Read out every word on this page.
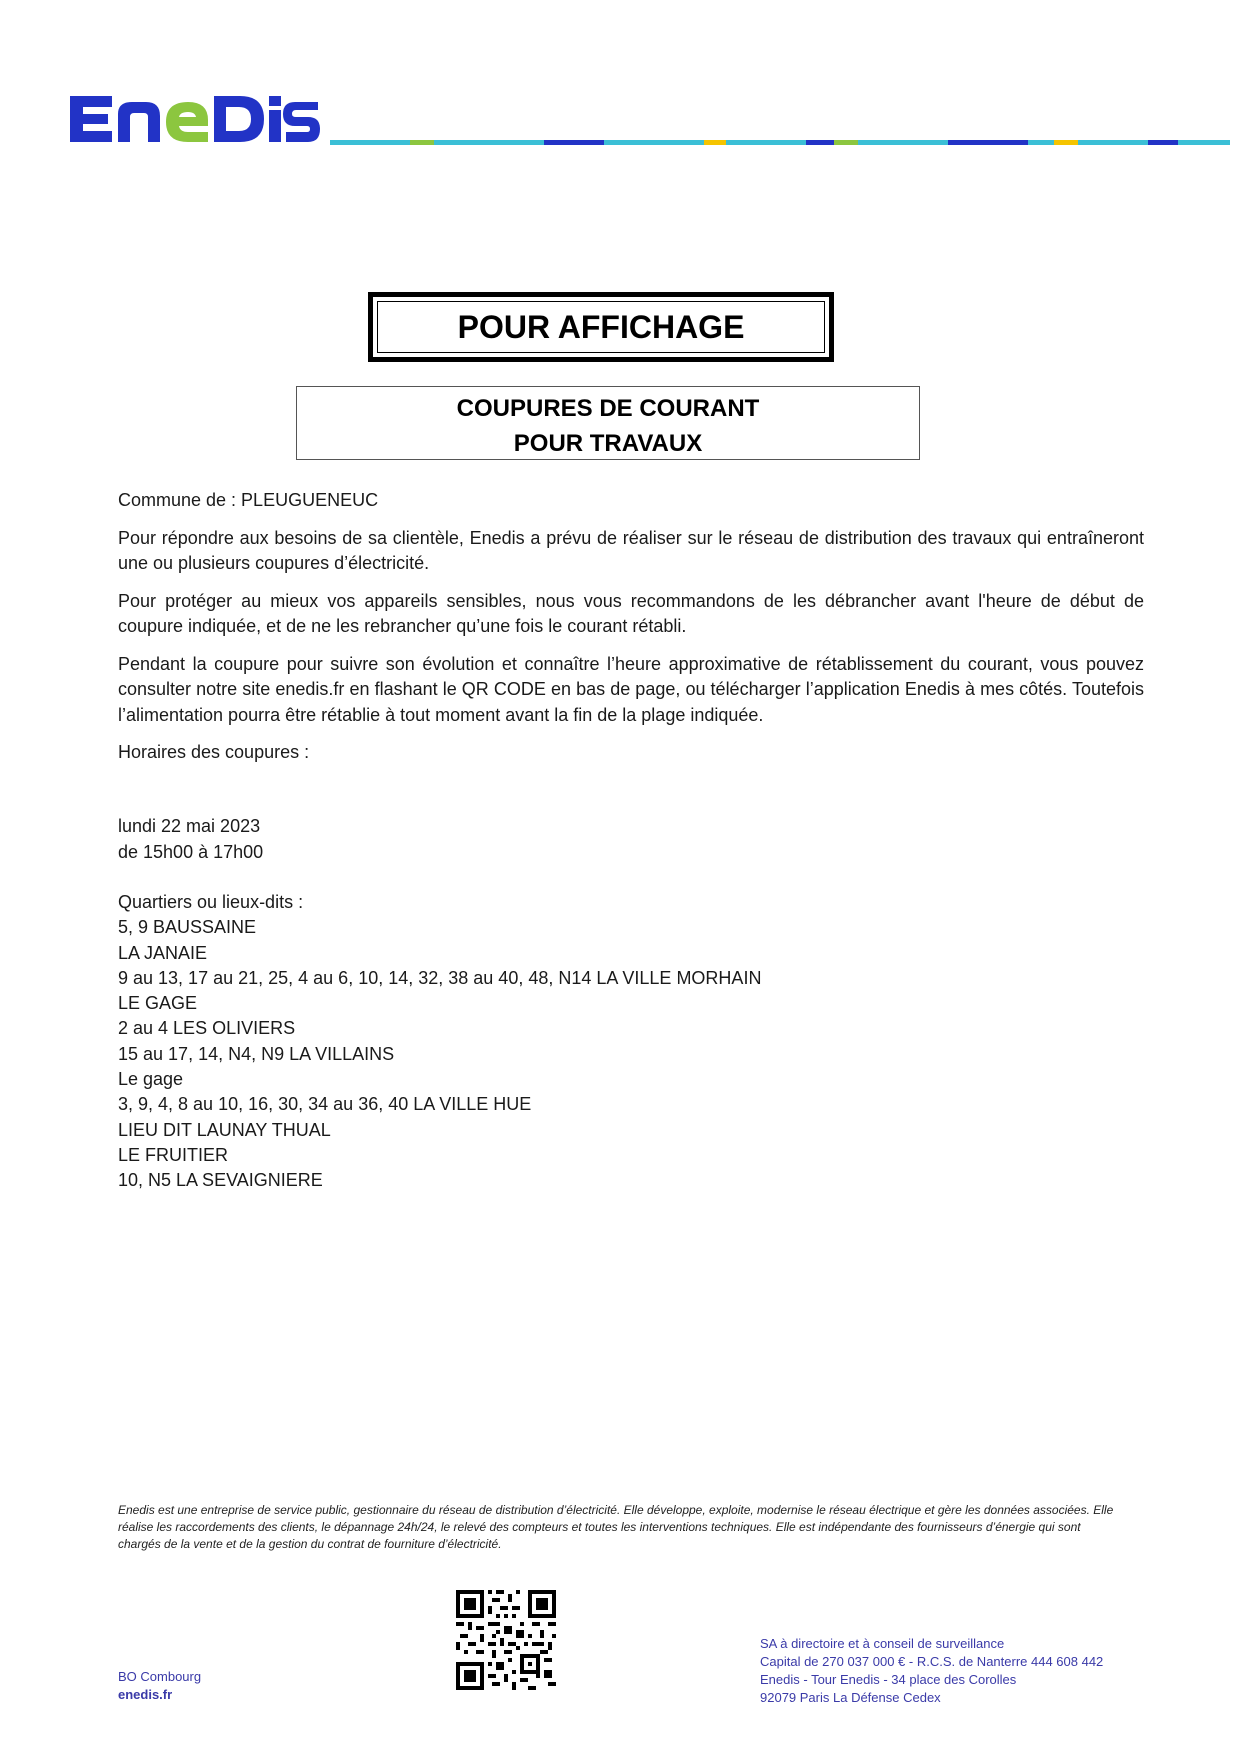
POUR AFFICHAGE
COUPURES DE COURANT
POUR TRAVAUX

Commune de : PLEUGUENEUC

Pour répondre aux besoins de sa clientèle, Enedis a prévu de réaliser sur le réseau de distribution des travaux qui entraîneront une ou plusieurs coupures d’électricité.

Pour protéger au mieux vos appareils sensibles, nous vous recommandons de les débrancher avant l'heure de début de coupure indiquée, et de ne les rebrancher qu’une fois le courant rétabli.

Pendant la coupure pour suivre son évolution et connaître l’heure approximative de rétablissement du courant, vous pouvez consulter notre site enedis.fr en flashant le QR CODE en bas de page, ou télécharger l’application Enedis à mes côtés. Toutefois l’alimentation pourra être rétablie à tout moment avant la fin de la plage indiquée.

Horaires des coupures :

lundi 22 mai 2023
de 15h00 à 17h00
Quartiers ou lieux-dits :
5, 9 BAUSSAINE
LA JANAIE
9 au 13, 17 au 21, 25, 4 au 6, 10, 14, 32, 38 au 40, 48, N14 LA VILLE MORHAIN
LE GAGE
2 au 4 LES OLIVIERS
15 au 17, 14, N4, N9 LA VILLAINS
Le gage
3, 9, 4, 8 au 10, 16, 30, 34 au 36, 40 LA VILLE HUE
LIEU DIT LAUNAY THUAL
LE FRUITIER
10, N5 LA SEVAIGNIERE
Enedis est une entreprise de service public, gestionnaire du réseau de distribution d’électricité. Elle développe, exploite, modernise le réseau électrique et gère les données associées. Elle réalise les raccordements des clients, le dépannage 24h/24, le relevé des compteurs et toutes les interventions techniques. Elle est indépendante des fournisseurs d’énergie qui sont chargés de la vente et de la gestion du contrat de fourniture d’électricité.
BO Combourg
enedis.fr
SA à directoire et à conseil de surveillance
Capital de 270 037 000 € - R.C.S. de Nanterre 444 608 442
Enedis - Tour Enedis - 34 place des Corolles
92079 Paris La Défense Cedex
